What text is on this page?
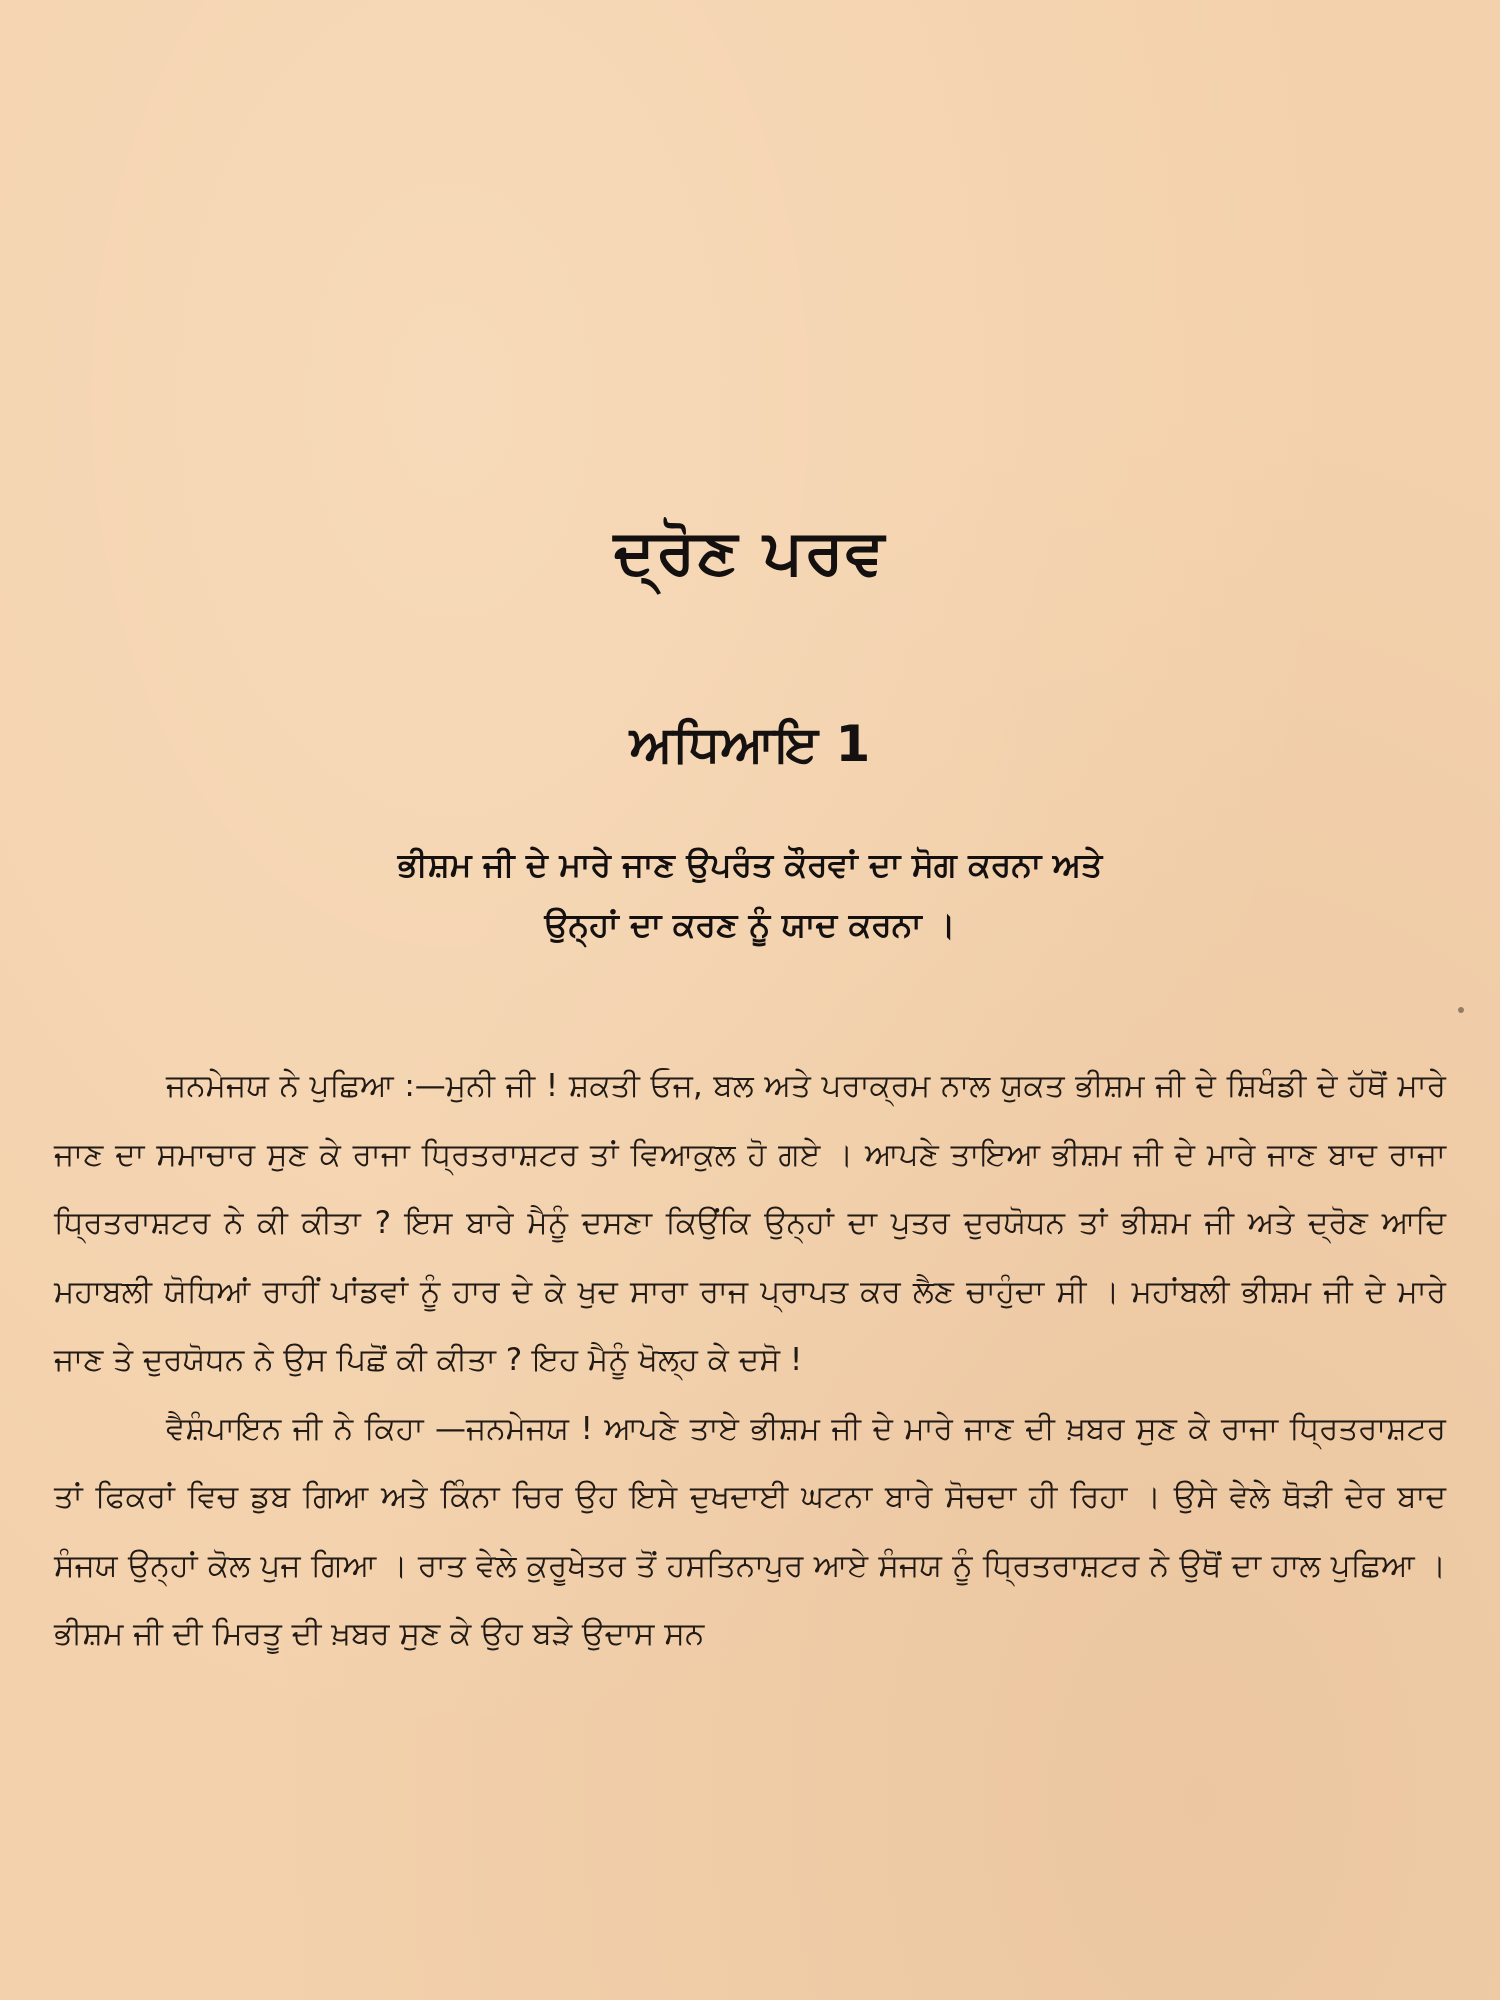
ਦ੍ਰੋਣ ਪਰਵ
ਅਧਿਆਇ 1
ਭੀਸ਼ਮ ਜੀ ਦੇ ਮਾਰੇ ਜਾਣ ਉਪਰੰਤ ਕੌਰਵਾਂ ਦਾ ਸੋਗ ਕਰਨਾ ਅਤੇ
ਉਨ੍ਹਾਂ ਦਾ ਕਰਣ ਨੂੰ ਯਾਦ ਕਰਨਾ ।

ਜਨਮੇਜਯ ਨੇ ਪੁਛਿਆ :—ਮੁਨੀ ਜੀ ! ਸ਼ਕਤੀ ਓਜ, ਬਲ ਅਤੇ ਪਰਾਕ੍ਰਮ ਨਾਲ ਯੁਕਤ ਭੀਸ਼ਮ ਜੀ ਦੇ ਸ਼ਿਖੰਡੀ ਦੇ ਹੱਥੋਂ ਮਾਰੇ ਜਾਣ ਦਾ ਸਮਾਚਾਰ ਸੁਣ ਕੇ ਰਾਜਾ ਧ੍ਰਿਤਰਾਸ਼ਟਰ ਤਾਂ ਵਿਆਕੁਲ ਹੋ ਗਏ । ਆਪਣੇ ਤਾਇਆ ਭੀਸ਼ਮ ਜੀ ਦੇ ਮਾਰੇ ਜਾਣ ਬਾਦ ਰਾਜਾ ਧ੍ਰਿਤਰਾਸ਼ਟਰ ਨੇ ਕੀ ਕੀਤਾ ? ਇਸ ਬਾਰੇ ਮੈਨੂੰ ਦਸਣਾ ਕਿਉਂਕਿ ਉਨ੍ਹਾਂ ਦਾ ਪੁਤਰ ਦੁਰਯੋਧਨ ਤਾਂ ਭੀਸ਼ਮ ਜੀ ਅਤੇ ਦ੍ਰੋਣ ਆਦਿ ਮਹਾਬਲੀ ਯੋਧਿਆਂ ਰਾਹੀਂ ਪਾਂਡਵਾਂ ਨੂੰ ਹਾਰ ਦੇ ਕੇ ਖੁਦ ਸਾਰਾ ਰਾਜ ਪ੍ਰਾਪਤ ਕਰ ਲੈਣ ਚਾਹੁੰਦਾ ਸੀ । ਮਹਾਂਬਲੀ ਭੀਸ਼ਮ ਜੀ ਦੇ ਮਾਰੇ ਜਾਣ ਤੇ ਦੁਰਯੋਧਨ ਨੇ ਉਸ ਪਿਛੋਂ ਕੀ ਕੀਤਾ ? ਇਹ ਮੈਨੂੰ ਖੋਲ੍ਹ ਕੇ ਦਸੋ !

ਵੈਸ਼ੰਪਾਇਨ ਜੀ ਨੇ ਕਿਹਾ —ਜਨਮੇਜਯ ! ਆਪਣੇ ਤਾਏ ਭੀਸ਼ਮ ਜੀ ਦੇ ਮਾਰੇ ਜਾਣ ਦੀ ਖ਼ਬਰ ਸੁਣ ਕੇ ਰਾਜਾ ਧ੍ਰਿਤਰਾਸ਼ਟਰ ਤਾਂ ਫਿਕਰਾਂ ਵਿਚ ਡੁਬ ਗਿਆ ਅਤੇ ਕਿੰਨਾ ਚਿਰ ਉਹ ਇਸੇ ਦੁਖਦਾਈ ਘਟਨਾ ਬਾਰੇ ਸੋਚਦਾ ਹੀ ਰਿਹਾ । ਉਸੇ ਵੇਲੇ ਥੋੜੀ ਦੇਰ ਬਾਦ ਸੰਜਯ ਉਨ੍ਹਾਂ ਕੋਲ ਪੁਜ ਗਿਆ । ਰਾਤ ਵੇਲੇ ਕੁਰੂਖੇਤਰ ਤੋਂ ਹਸਤਿਨਾਪੁਰ ਆਏ ਸੰਜਯ ਨੂੰ ਧ੍ਰਿਤਰਾਸ਼ਟਰ ਨੇ ਉਥੋਂ ਦਾ ਹਾਲ ਪੁਛਿਆ । ਭੀਸ਼ਮ ਜੀ ਦੀ ਮਿਰਤੂ ਦੀ ਖ਼ਬਰ ਸੁਣ ਕੇ ਉਹ ਬੜੇ ਉਦਾਸ ਸਨ
